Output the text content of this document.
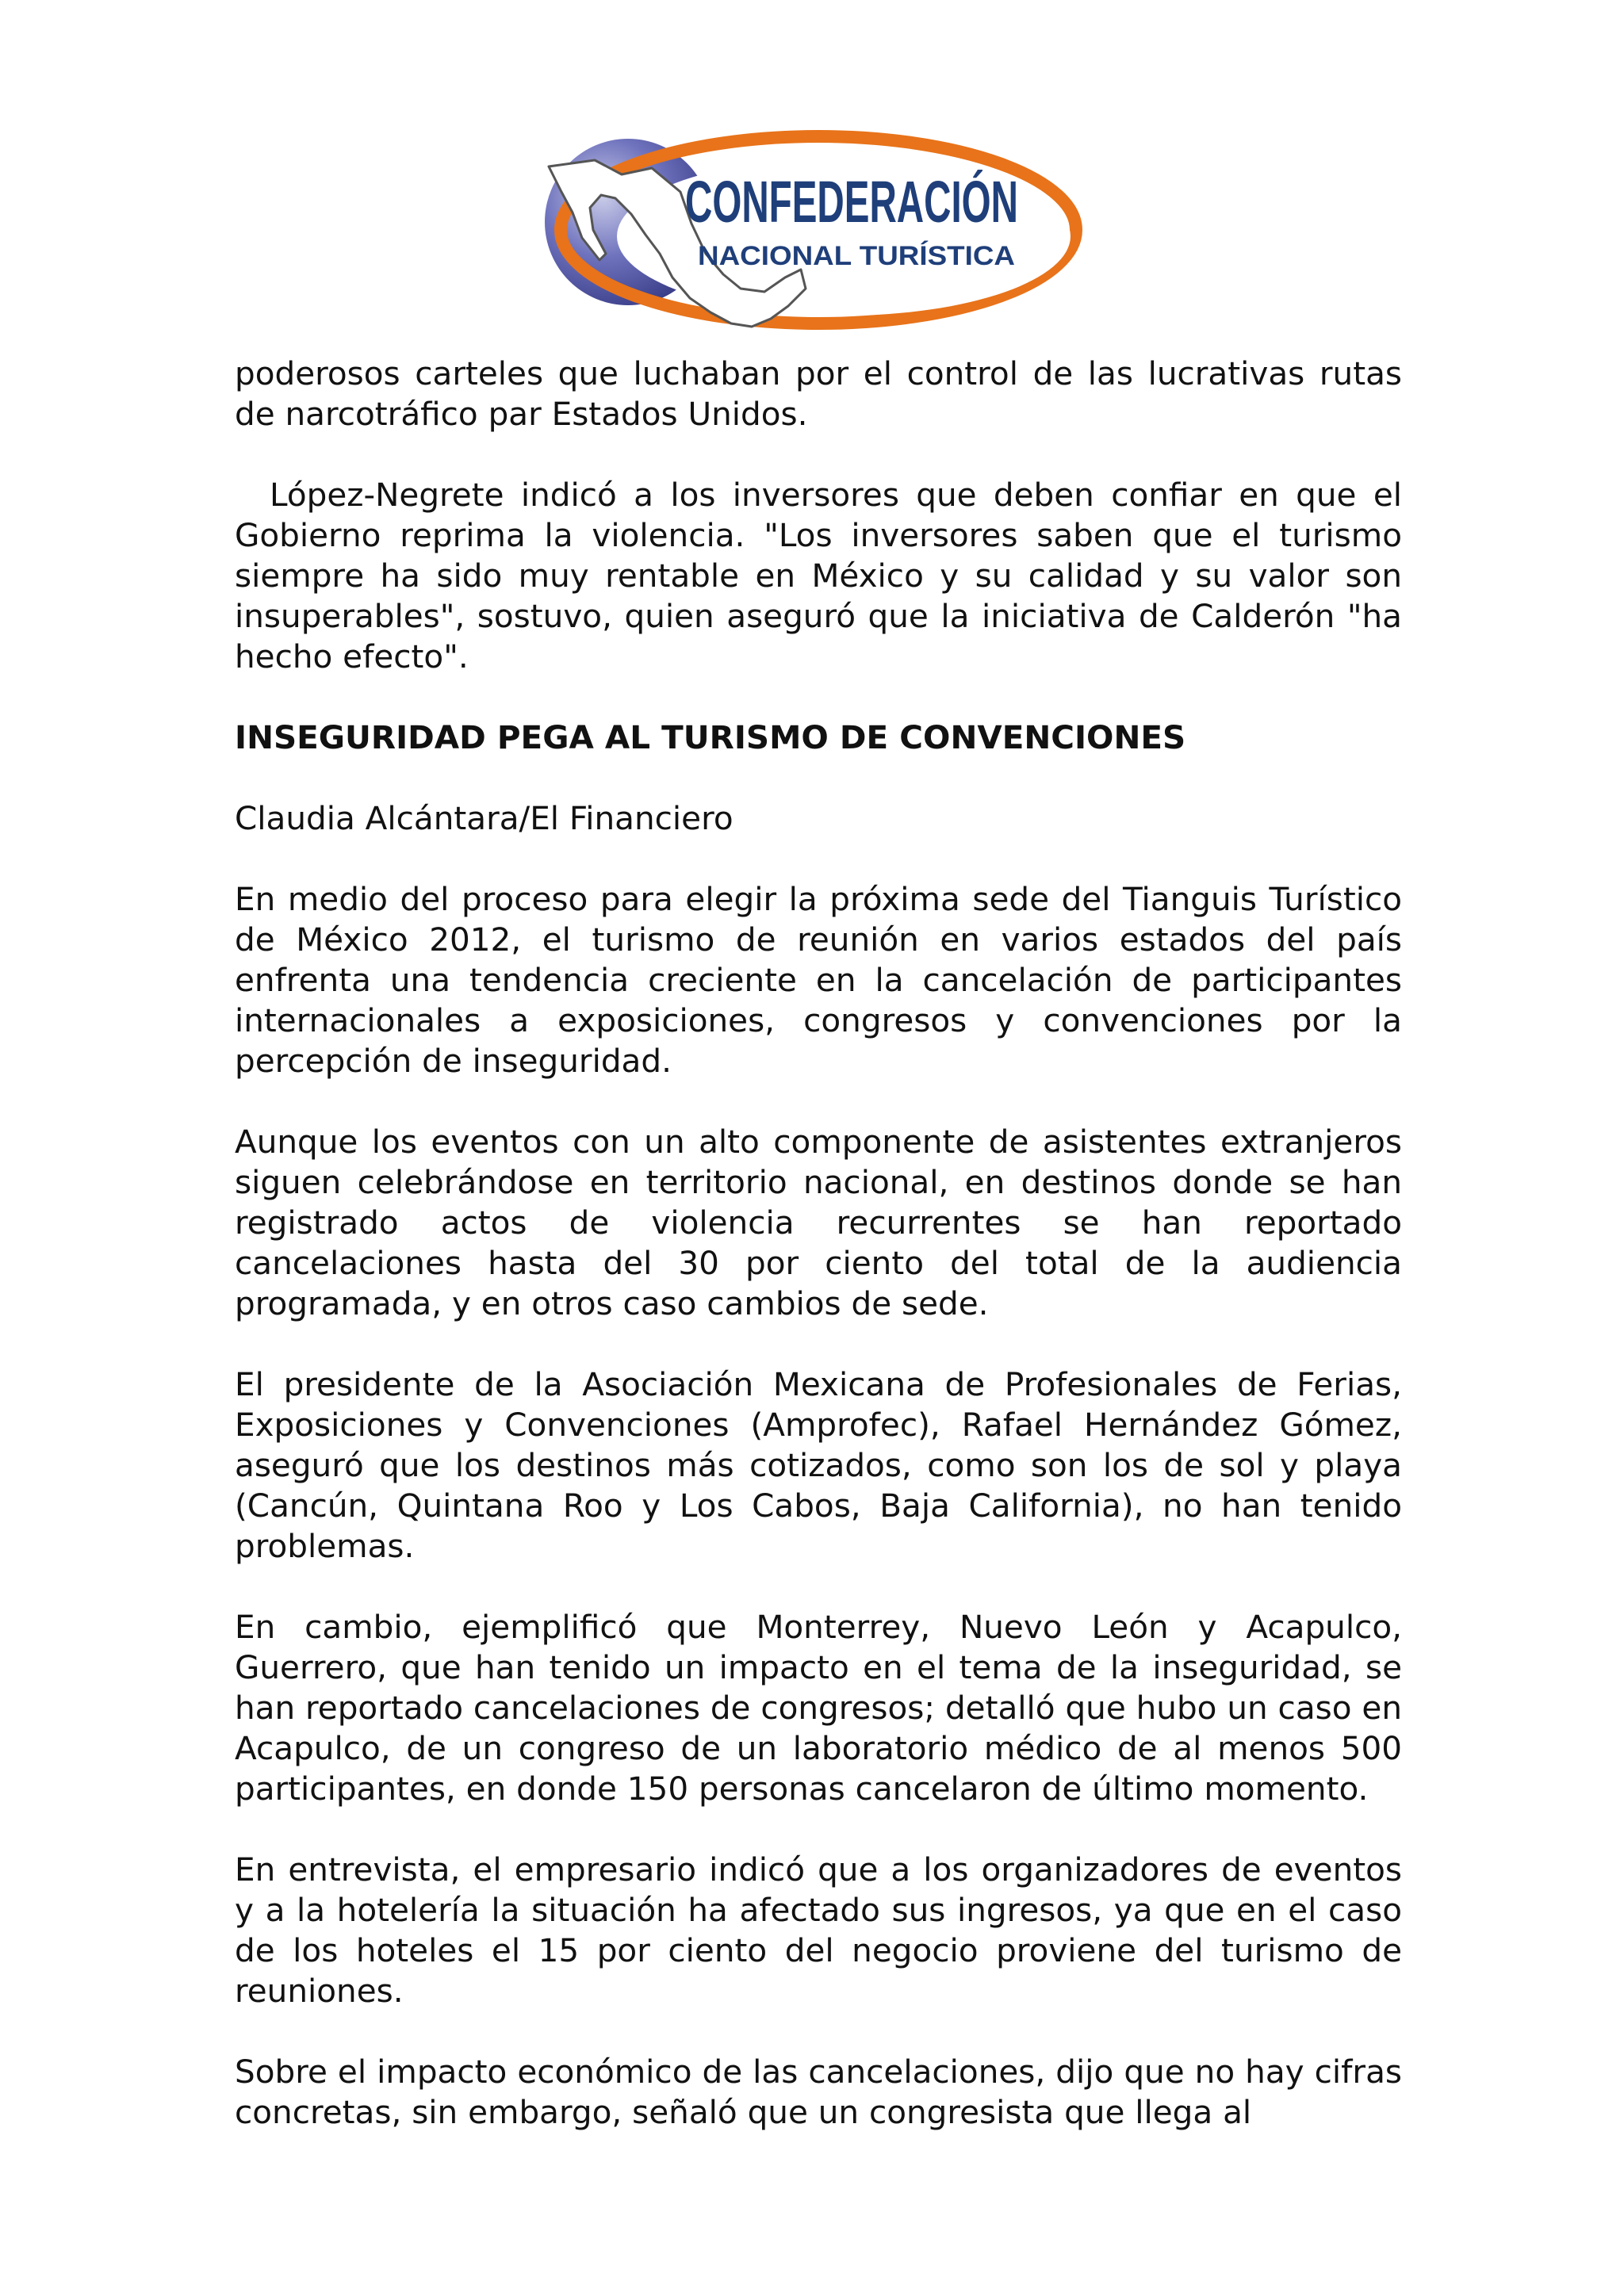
CONFEDERACIÓN
NACIONAL TURÍSTICA

poderosos carteles que luchaban por el control de las lucrativas rutas de narcotráfico par Estados Unidos.

López-Negrete indicó a los inversores que deben confiar en que el Gobierno reprima la violencia. "Los inversores saben que el turismo siempre ha sido muy rentable en México y su calidad y su valor son insuperables", sostuvo, quien aseguró que la iniciativa de Calderón "ha hecho efecto".

INSEGURIDAD PEGA AL TURISMO DE CONVENCIONES

Claudia Alcántara/El Financiero

En medio del proceso para elegir la próxima sede del Tianguis Turístico de México 2012, el turismo de reunión en varios estados del país enfrenta una tendencia creciente en la cancelación de participantes internacionales a exposiciones, congresos y convenciones por la percepción de inseguridad.

Aunque los eventos con un alto componente de asistentes extranjeros siguen celebrándose en territorio nacional, en destinos donde se han registrado actos de violencia recurrentes se han reportado cancelaciones hasta del 30 por ciento del total de la audiencia programada, y en otros caso cambios de sede.

El presidente de la Asociación Mexicana de Profesionales de Ferias, Exposiciones y Convenciones (Amprofec), Rafael Hernández Gómez, aseguró que los destinos más cotizados, como son los de sol y playa (Cancún, Quintana Roo y Los Cabos, Baja California), no han tenido problemas.

En cambio, ejemplificó que Monterrey, Nuevo León y Acapulco, Guerrero, que han tenido un impacto en el tema de la inseguridad, se han reportado cancelaciones de congresos; detalló que hubo un caso en Acapulco, de un congreso de un laboratorio médico de al menos 500 participantes, en donde 150 personas cancelaron de último momento.

En entrevista, el empresario indicó que a los organizadores de eventos y a la hotelería la situación ha afectado sus ingresos, ya que en el caso de los hoteles el 15 por ciento del negocio proviene del turismo de reuniones.

Sobre el impacto económico de las cancelaciones, dijo que no hay cifras concretas, sin embargo, señaló que un congresista que llega al
